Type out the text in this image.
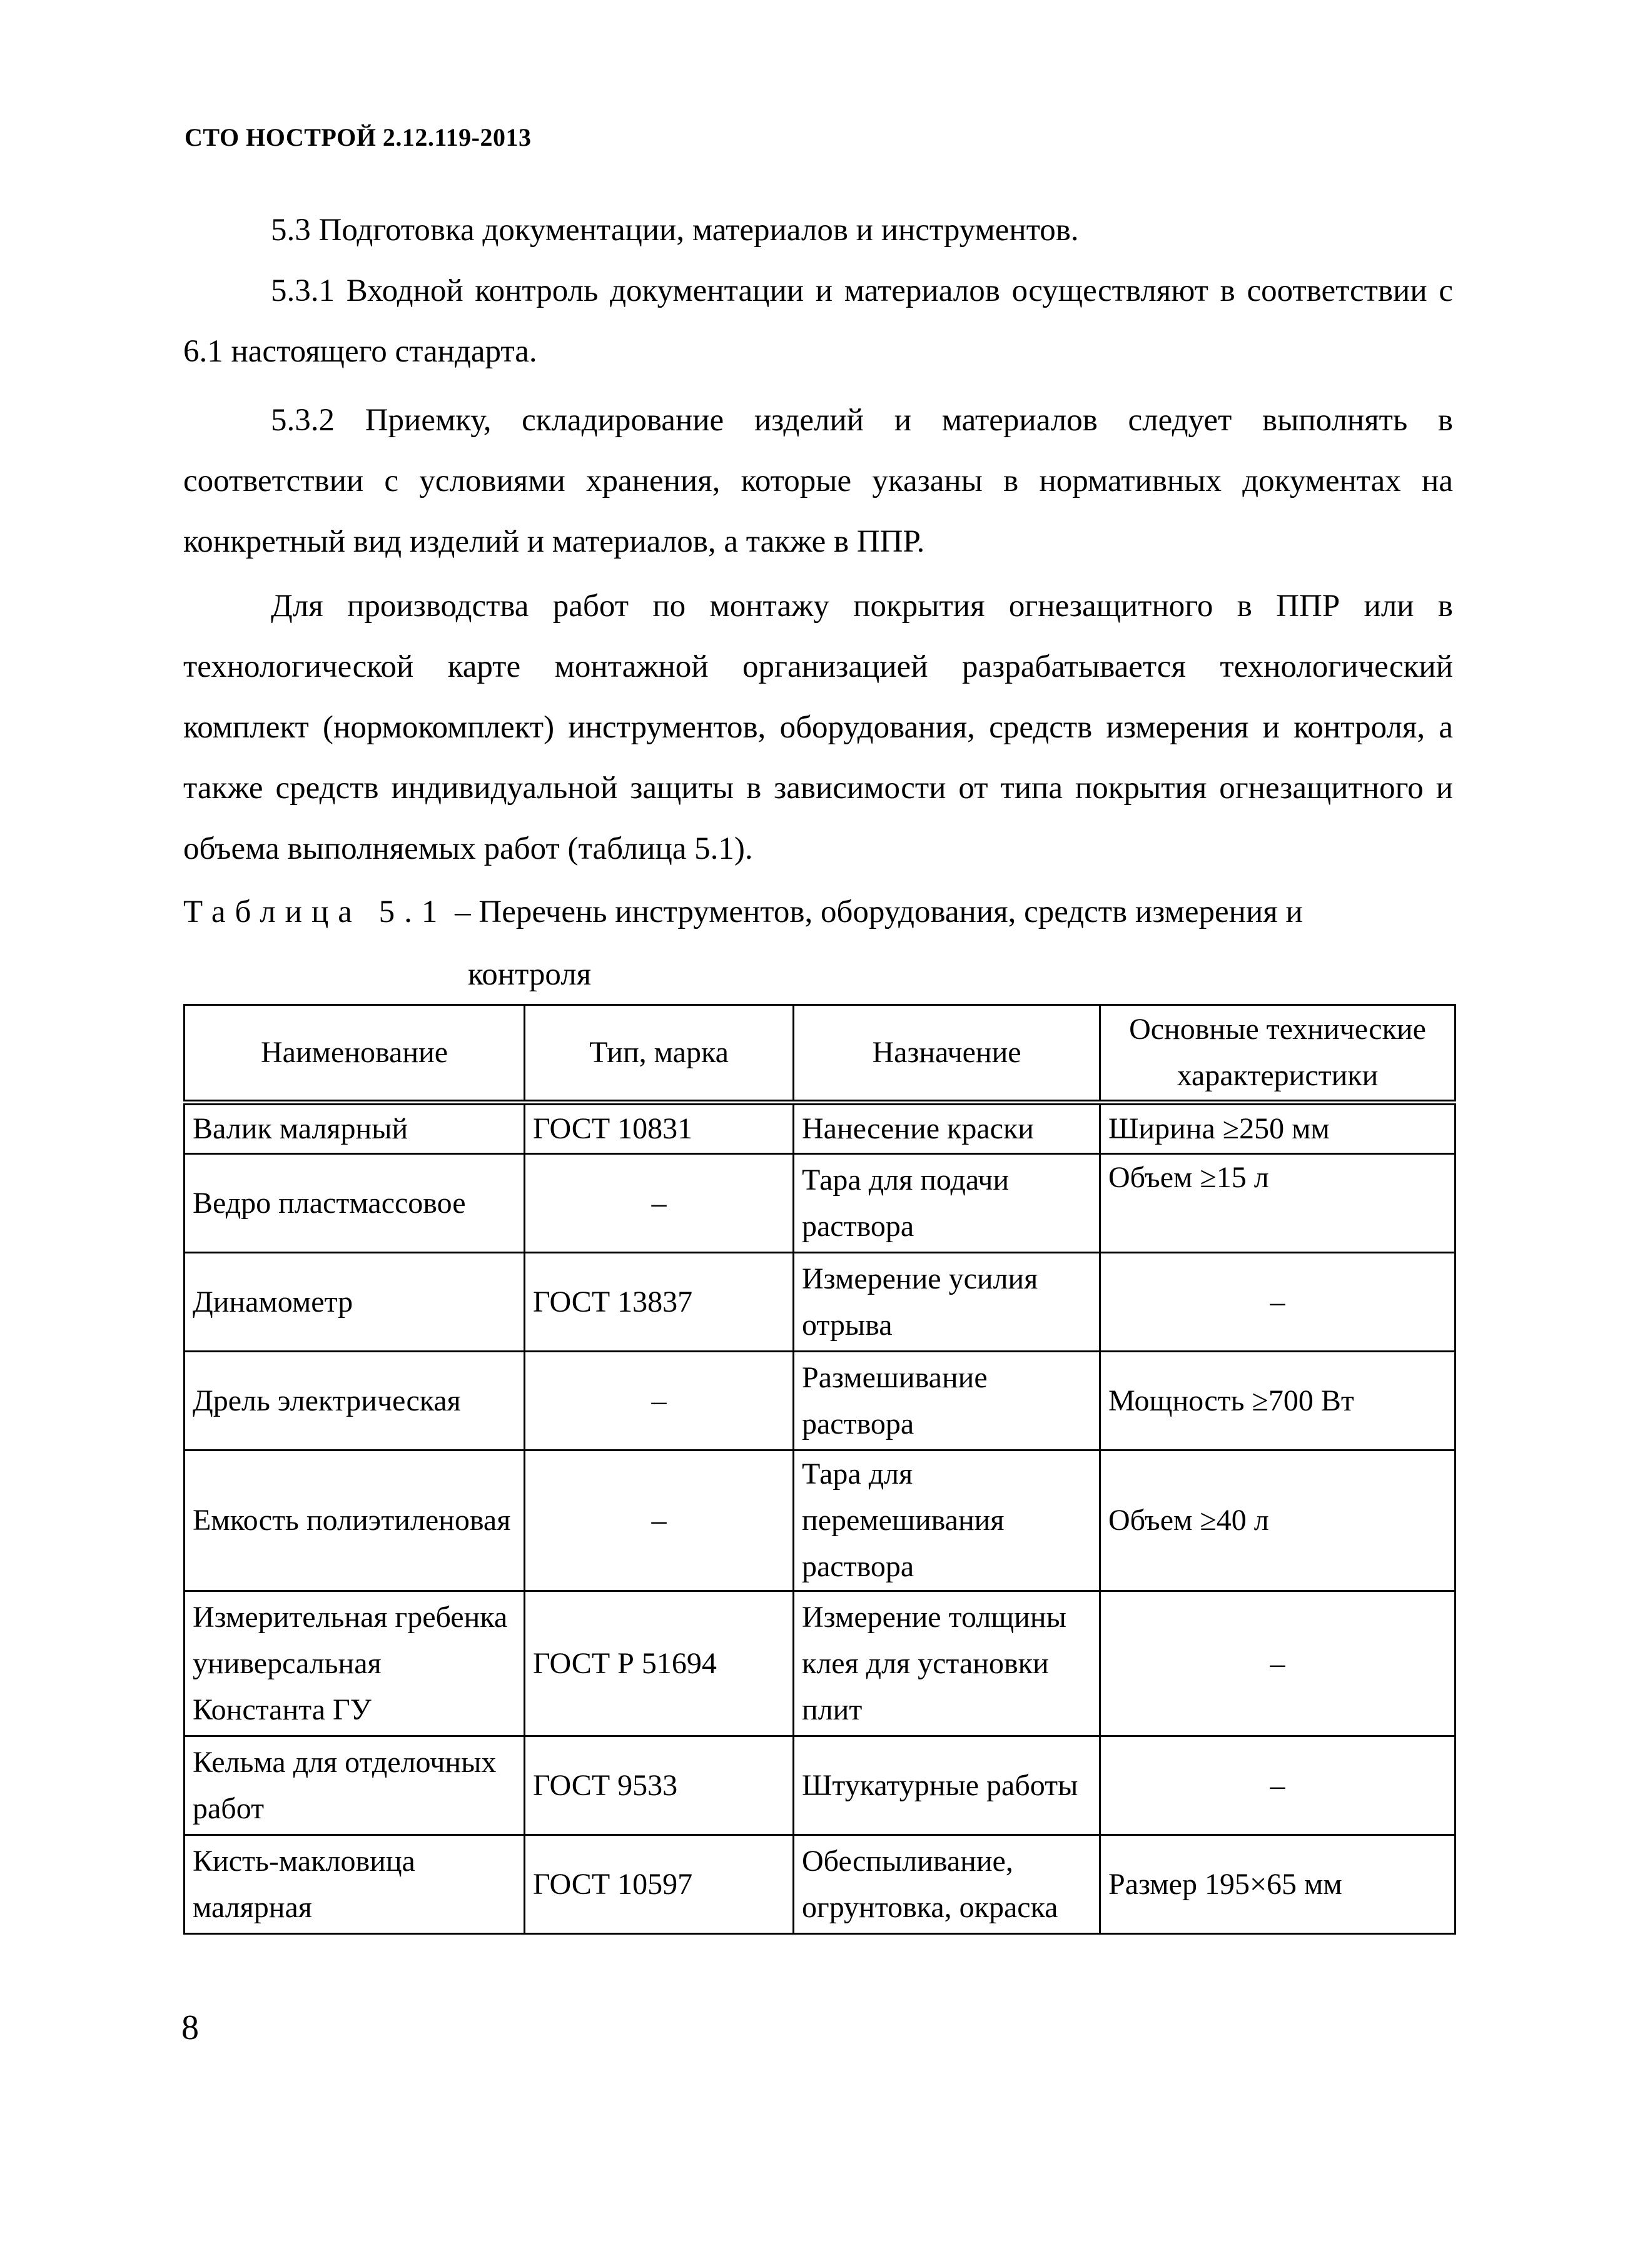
СТО НОСТРОЙ 2.12.119-2013

5.3 Подготовка документации, материалов и инструментов.

5.3.1 Входной контроль документации и материалов осуществляют в соответствии с 6.1 настоящего стандарта.

5.3.2 Приемку, складирование изделий и материалов следует выполнять в соответствии с условиями хранения, которые указаны в нормативных документах на конкретный вид изделий и материалов, а также в ППР.

Для производства работ по монтажу покрытия огнезащитного в ППР или в технологической карте монтажной организацией разрабатывается технологический комплект (нормокомплект) инструментов, оборудования, средств измерения и контроля, а также средств индивидуальной защиты в зависимости от типа покрытия огнезащитного и объема выполняемых работ (таблица 5.1).

Таблица 5.1 – Перечень инструментов, оборудования, средств измерения и
контроля
Наименование	Тип, марка	Назначение	Основные технические характеристики
Валик малярный	ГОСТ 10831	Нанесение краски	Ширина ≥250 мм
Ведро пластмассовое	–	Тара для подачи раствора	Объем ≥15 л
Динамометр	ГОСТ 13837	Измерение усилия отрыва	–
Дрель электрическая	–	Размешивание раствора	Мощность ≥700 Вт
Емкость полиэтиленовая	–	Тара для перемешивания раствора	Объем ≥40 л
Измерительная гребенка универсальная Константа ГУ	ГОСТ Р 51694	Измерение толщины клея для установки плит	–
Кельма для отделочных работ	ГОСТ 9533	Штукатурные работы	–
Кисть-макловица малярная	ГОСТ 10597	Обеспыливание, огрунтовка, окраска	Размер 195×65 мм
8
